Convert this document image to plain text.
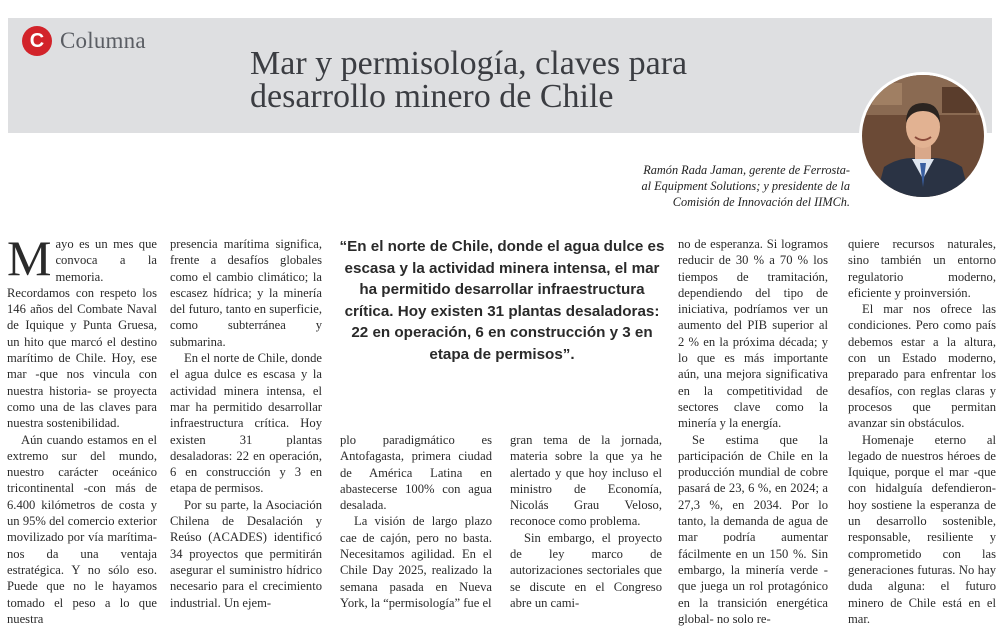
C Columna
Mar y permisología, claves para desarrollo minero de Chile

Ramón Rada Jaman, gerente de Ferrosta-
al Equipment Solutions; y presidente de la
Comisión de Innovación del IIMCh.

Mayo es un mes que convoca a la memoria. Recordamos con respeto los 146 años del Combate Naval de Iquique y Punta Gruesa, un hito que marcó el destino marítimo de Chile. Hoy, ese mar -que nos vincula con nuestra historia- se proyecta como una de las claves para nuestra sostenibilidad.

Aún cuando estamos en el extremo sur del mundo, nuestro carácter oceánico tricontinental -con más de 6.400 kilómetros de costa y un 95% del comercio exterior movilizado por vía marítima- nos da una ventaja estratégica. Y no sólo eso. Puede que no le hayamos tomado el peso a lo que nuestra

presencia marítima significa, frente a desafíos globales como el cambio climático; la escasez hídrica; y la minería del futuro, tanto en superficie, como subterránea y submarina.

En el norte de Chile, donde el agua dulce es escasa y la actividad minera intensa, el mar ha permitido desarrollar infraestructura crítica. Hoy existen 31 plantas desaladoras: 22 en operación, 6 en construcción y 3 en etapa de permisos.

Por su parte, la Asociación Chilena de Desalación y Reúso (ACADES) identificó 34 proyectos que permitirán asegurar el suministro hídrico necesario para el crecimiento industrial. Un ejem-

“En el norte de Chile, donde el agua dulce es escasa y la actividad minera intensa, el mar ha permitido desarrollar infraestructura crítica. Hoy existen 31 plantas desaladoras: 22 en operación, 6 en construcción y 3 en etapa de permisos”.

plo paradigmático es Antofagasta, primera ciudad de América Latina en abastecerse 100% con agua desalada.

La visión de largo plazo cae de cajón, pero no basta. Necesitamos agilidad. En el Chile Day 2025, realizado la semana pasada en Nueva York, la “permisología” fue el

gran tema de la jornada, materia sobre la que ya he alertado y que hoy incluso el ministro de Economía, Nicolás Grau Veloso, reconoce como problema.

Sin embargo, el proyecto de ley marco de autorizaciones sectoriales que se discute en el Congreso abre un cami-

no de esperanza. Si logramos reducir de 30 % a 70 % los tiempos de tramitación, dependiendo del tipo de iniciativa, podríamos ver un aumento del PIB superior al 2 % en la próxima década; y lo que es más importante aún, una mejora significativa en la competitividad de sectores clave como la minería y la energía.

Se estima que la participación de Chile en la producción mundial de cobre pasará de 23, 6 %, en 2024; a 27,3 %, en 2034. Por lo tanto, la demanda de agua de mar podría aumentar fácilmente en un 150 %. Sin embargo, la minería verde -que juega un rol protagónico en la transición energética global- no solo re-

quiere recursos naturales, sino también un entorno regulatorio moderno, eficiente y proinversión.

El mar nos ofrece las condiciones. Pero como país debemos estar a la altura, con un Estado moderno, preparado para enfrentar los desafíos, con reglas claras y procesos que permitan avanzar sin obstáculos.

Homenaje eterno al legado de nuestros héroes de Iquique, porque el mar -que con hidalguía defendieron- hoy sostiene la esperanza de un desarrollo sostenible, responsable, resiliente y comprometido con las generaciones futuras. No hay duda alguna: el futuro minero de Chile está en el mar.
